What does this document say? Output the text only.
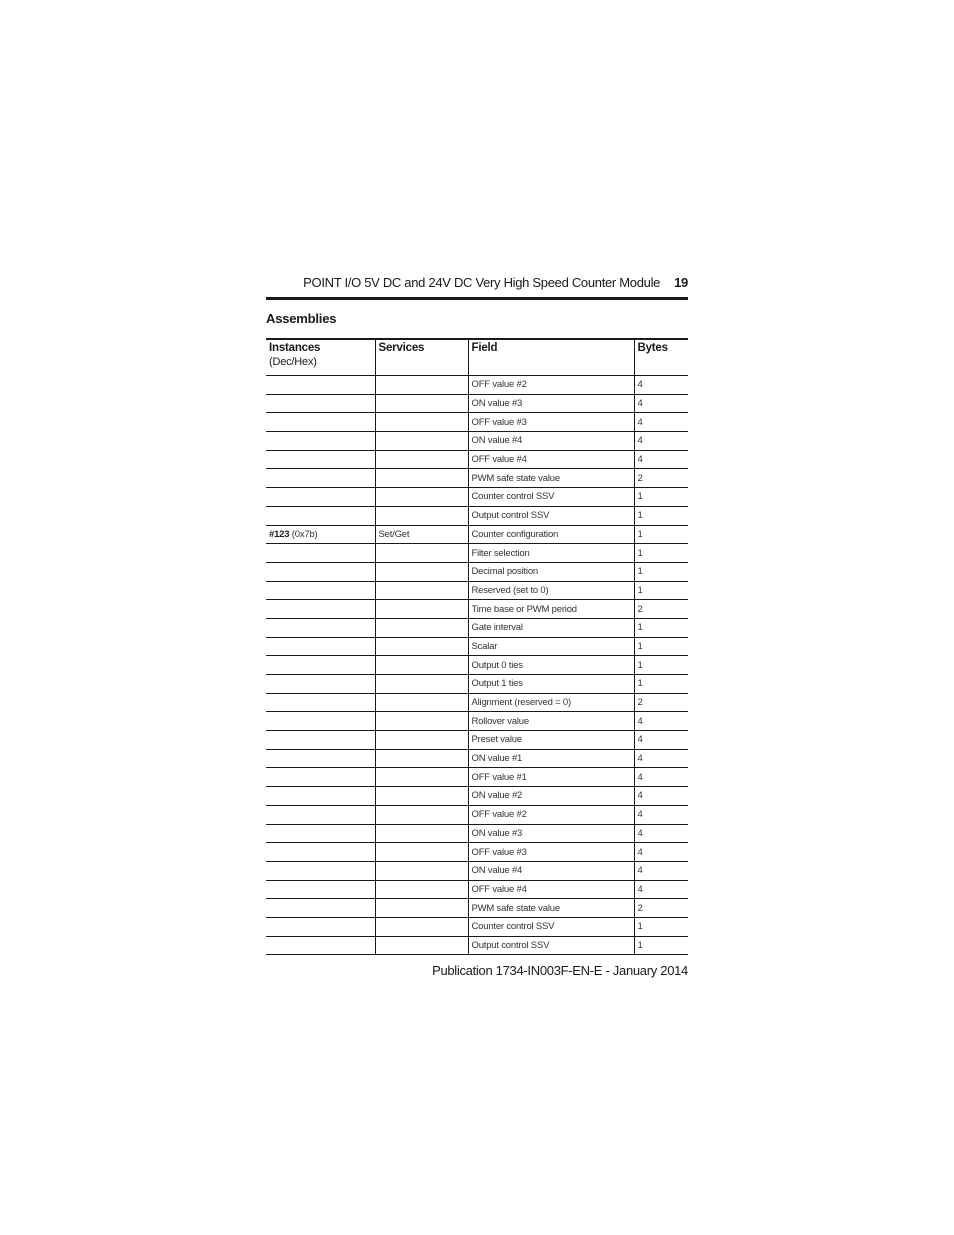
POINT I/O 5V DC and 24V DC Very High Speed Counter Module 19
Assemblies
Instances
(Dec/Hex)	Services	Field	Bytes
		OFF value #2	4
		ON value #3	4
		OFF value #3	4
		ON value #4	4
		OFF value #4	4
		PWM safe state value	2
		Counter control SSV	1
		Output control SSV	1
#123 (0x7b)	Set/Get	Counter configuration	1
		Filter selection	1
		Decimal position	1
		Reserved (set to 0)	1
		Time base or PWM period	2
		Gate interval	1
		Scalar	1
		Output 0 ties	1
		Output 1 ties	1
		Alignment (reserved = 0)	2
		Rollover value	4
		Preset value	4
		ON value #1	4
		OFF value #1	4
		ON value #2	4
		OFF value #2	4
		ON value #3	4
		OFF value #3	4
		ON value #4	4
		OFF value #4	4
		PWM safe state value	2
		Counter control SSV	1
		Output control SSV	1
Publication 1734-IN003F-EN-E - January 2014
